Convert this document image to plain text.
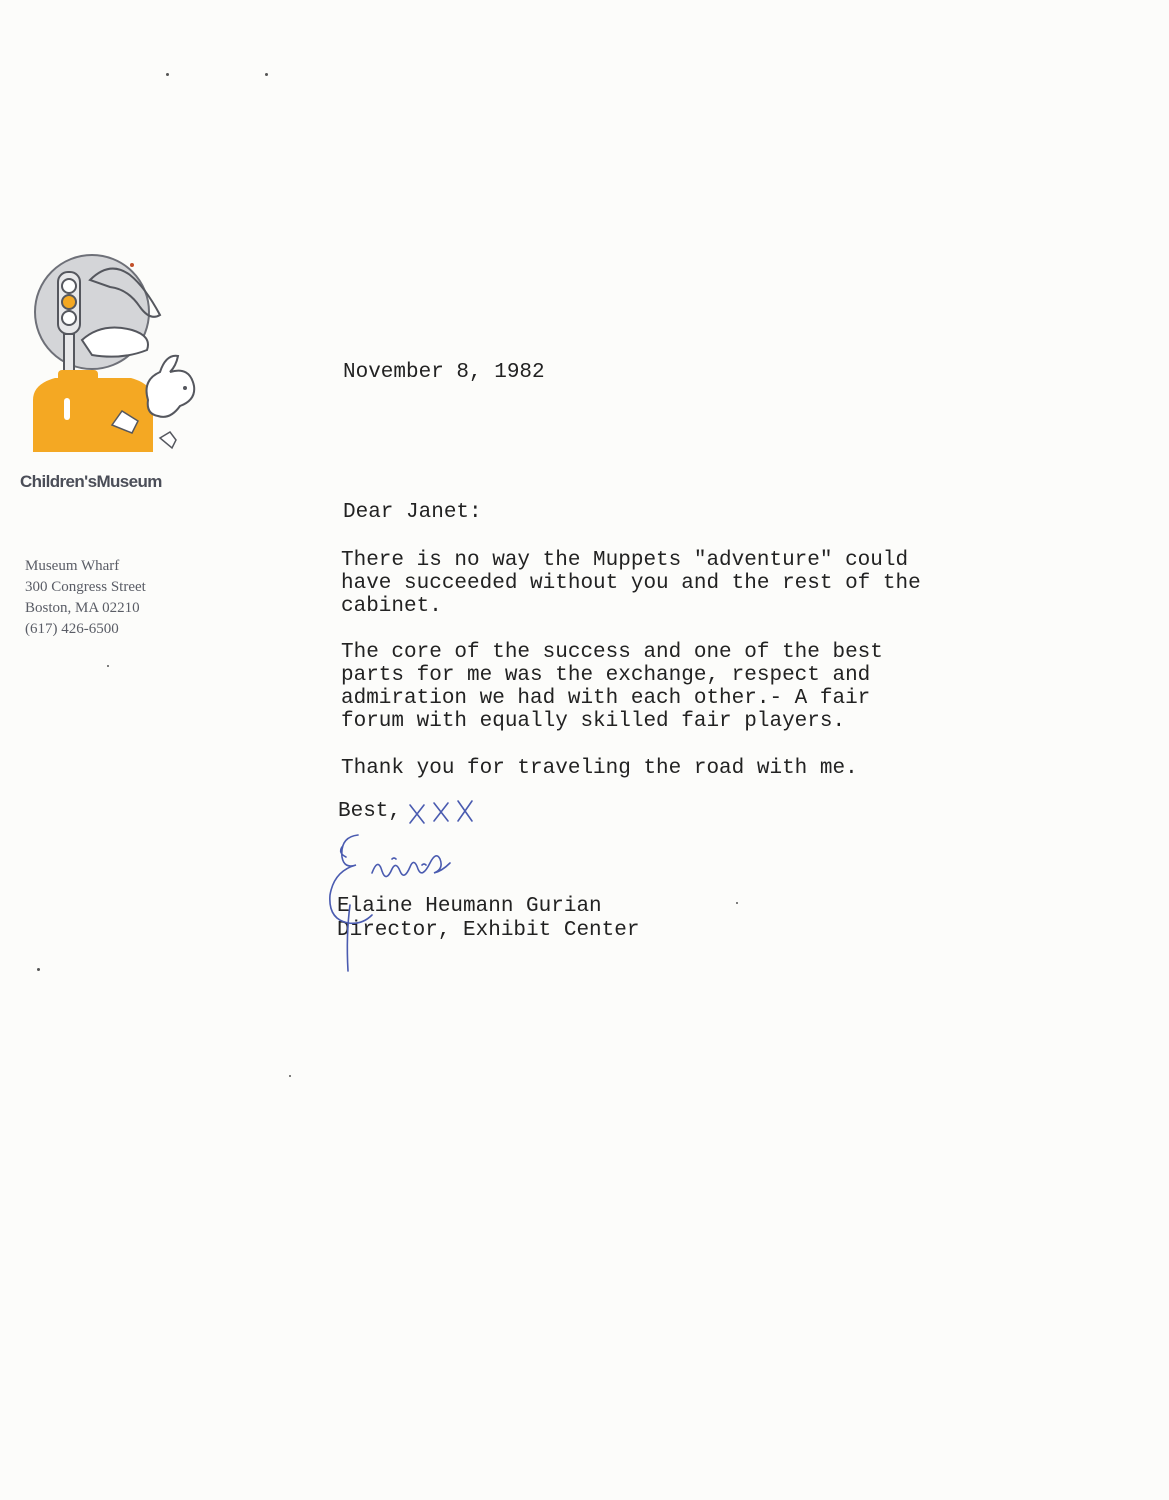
Children'sMuseum
Museum Wharf
300 Congress Street
Boston, MA 02210
(617) 426-6500
November 8, 1982
Dear Janet:
There is no way the Muppets "adventure" could
have succeeded without you and the rest of the
cabinet.
The core of the success and one of the best
parts for me was the exchange, respect and
admiration we had with each other.- A fair
forum with equally skilled fair players.
Thank you for traveling the road with me.
Best,
Elaine Heumann Gurian
Director, Exhibit Center
